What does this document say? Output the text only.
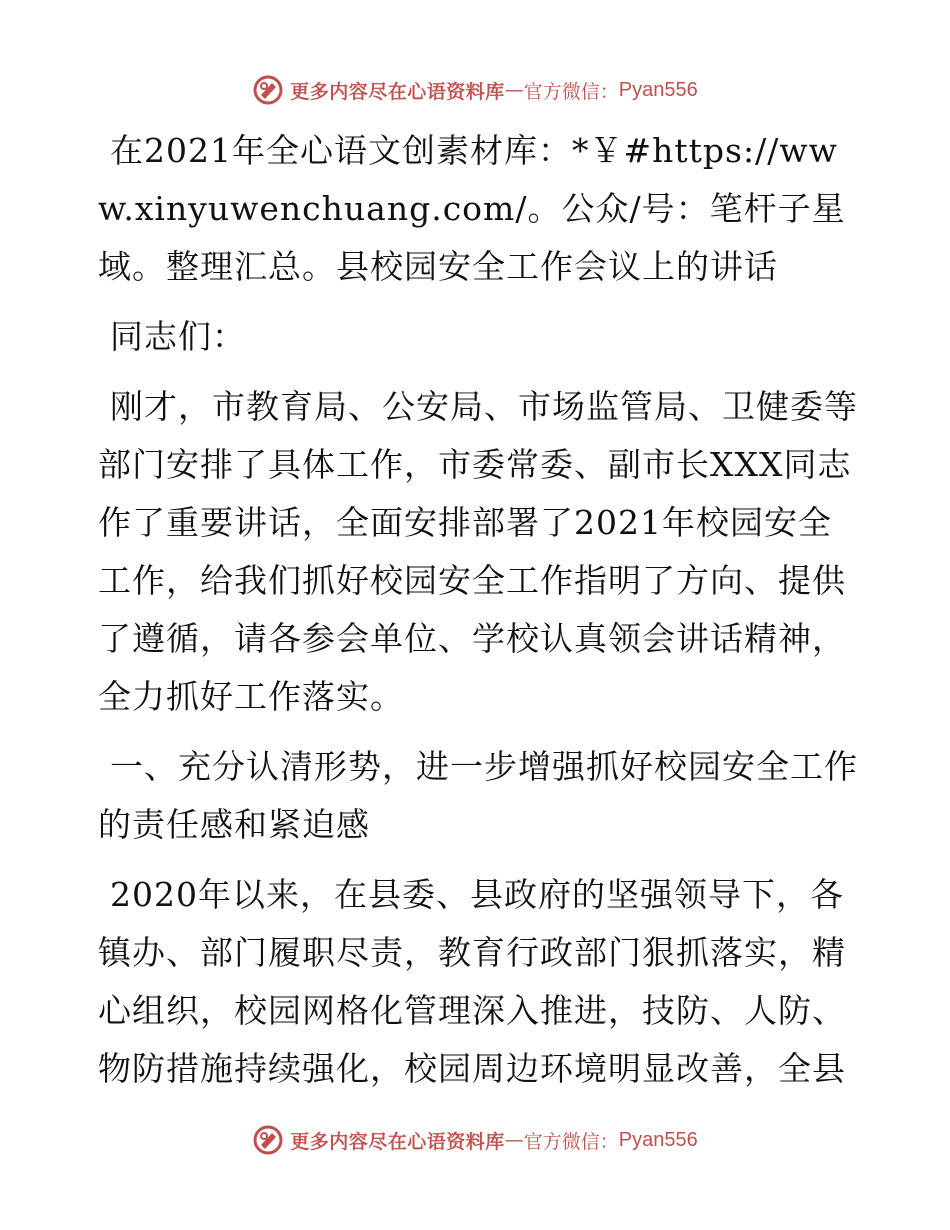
更多内容尽在心语资料库 — 官方微信： Pyan556

在2021年全心语文创素材库：*￥#https://www.xinyuwenchuang.com/。公众/号：笔杆子星域。整理汇总。县校园安全工作会议上的讲话

同志们：

刚才，市教育局、公安局、市场监管局、卫健委等部门安排了具体工作，市委常委、副市长XXX同志作了重要讲话，全面安排部署了2021年校园安全工作，给我们抓好校园安全工作指明了方向、提供了遵循，请各参会单位、学校认真领会讲话精神，全力抓好工作落实。

一、充分认清形势，进一步增强抓好校园安全工作的责任感和紧迫感

2020年以来，在县委、县政府的坚强领导下，各镇办、部门履职尽责，教育行政部门狠抓落实，精心组织，校园网格化管理深入推进，技防、人防、物防措施持续强化，校园周边环境明显改善，全县

更多内容尽在心语资料库 — 官方微信： Pyan556
